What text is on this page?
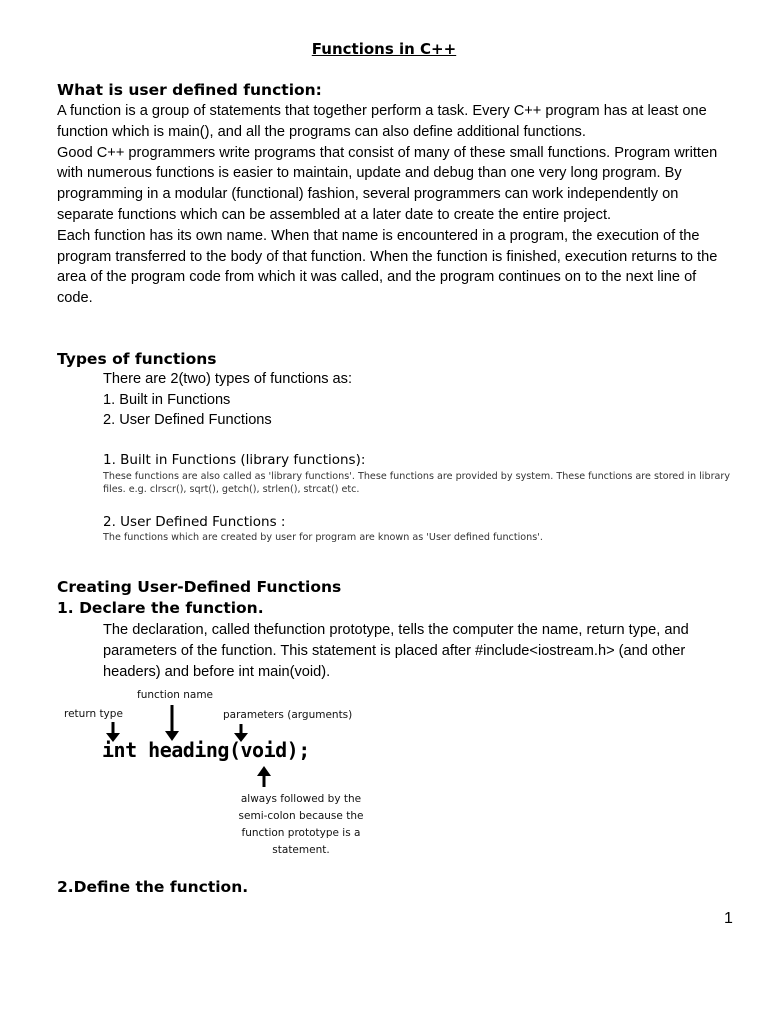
Functions in C++
What is user defined function:
A function is a group of statements that together perform a task. Every C++ program has at least one function which is main(), and all the programs can also define additional functions.
Good C++ programmers write programs that consist of many of these small functions. Program written with numerous functions is easier to maintain, update and debug than one very long program. By programming in a modular (functional) fashion, several programmers can work independently on separate functions which can be assembled at a later date to create the entire project.
Each function has its own name. When that name is encountered in a program, the execution of the program transferred to the body of that function. When the function is finished, execution returns to the area of the program code from which it was called, and the program continues on to the next line of code.
Types of functions
There are 2(two) types of functions as:
1. Built in Functions
2. User Defined Functions
1. Built in Functions (library functions):
These functions are also called as 'library functions'. These functions are provided by system. These functions are stored in library files. e.g. clrscr(), sqrt(), getch(), strlen(), strcat() etc.
2. User Defined Functions :
The functions which are created by user for program are known as 'User defined functions'.
Creating User-Defined Functions
1. Declare the function.
The declaration, called thefunction prototype, tells the computer the name, return type, and parameters of the function. This statement is placed after #include<iostream.h> (and other headers) and before int main(void).
function name
return type	parameters (arguments)
int heading(void);
always followed by the semi-colon because the function prototype is a statement.
2.Define the function.
1
